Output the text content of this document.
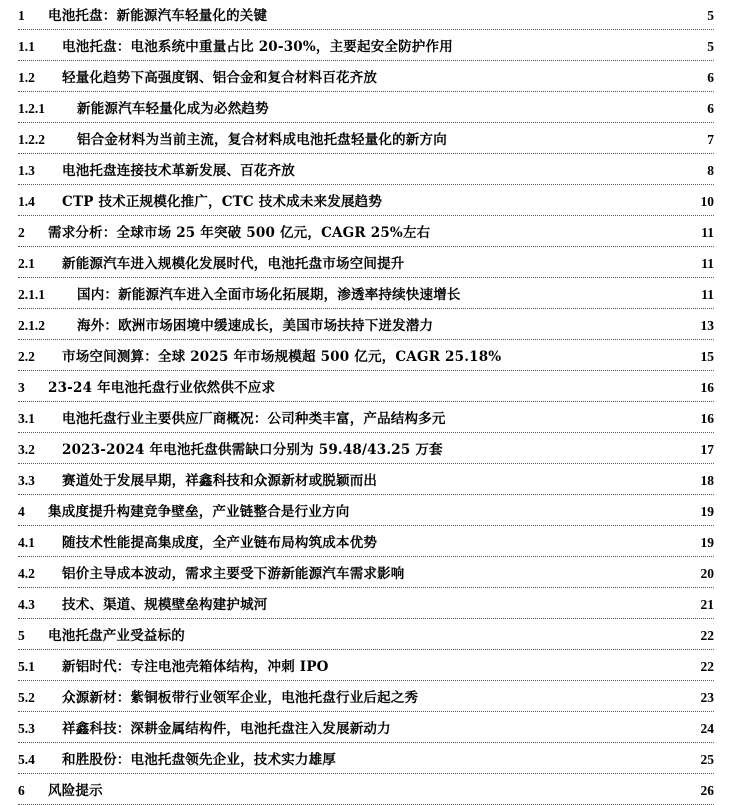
1 电池托盘：新能源汽车轻量化的关键	5
1.1 电池托盘：电池系统中重量占比 20-30%，主要起安全防护作用	5
1.2 轻量化趋势下高强度钢、铝合金和复合材料百花齐放	6
1.2.1 新能源汽车轻量化成为必然趋势	6
1.2.2 铝合金材料为当前主流，复合材料成电池托盘轻量化的新方向	7
1.3 电池托盘连接技术革新发展、百花齐放	8
1.4 CTP 技术正规模化推广，CTC 技术成未来发展趋势	10
2 需求分析：全球市场 25 年突破 500 亿元，CAGR 25%左右	11
2.1 新能源汽车进入规模化发展时代，电池托盘市场空间提升	11
2.1.1 国内：新能源汽车进入全面市场化拓展期，渗透率持续快速增长	11
2.1.2 海外：欧洲市场困境中缓速成长，美国市场扶持下迸发潜力	13
2.2 市场空间测算：全球 2025 年市场规模超 500 亿元，CAGR 25.18%	15
3 23-24 年电池托盘行业依然供不应求	16
3.1 电池托盘行业主要供应厂商概况：公司种类丰富，产品结构多元	16
3.2 2023-2024 年电池托盘供需缺口分别为 59.48/43.25 万套	17
3.3 赛道处于发展早期，祥鑫科技和众源新材或脱颖而出	18
4 集成度提升构建竞争壁垒，产业链整合是行业方向	19
4.1 随技术性能提高集成度，全产业链布局构筑成本优势	19
4.2 铝价主导成本波动，需求主要受下游新能源汽车需求影响	20
4.3 技术、渠道、规模壁垒构建护城河	21
5 电池托盘产业受益标的	22
5.1 新铝时代：专注电池壳箱体结构，冲刺 IPO	22
5.2 众源新材：紫铜板带行业领军企业，电池托盘行业后起之秀	23
5.3 祥鑫科技：深耕金属结构件，电池托盘注入发展新动力	24
5.4 和胜股份：电池托盘领先企业，技术实力雄厚	25
6 风险提示	26
